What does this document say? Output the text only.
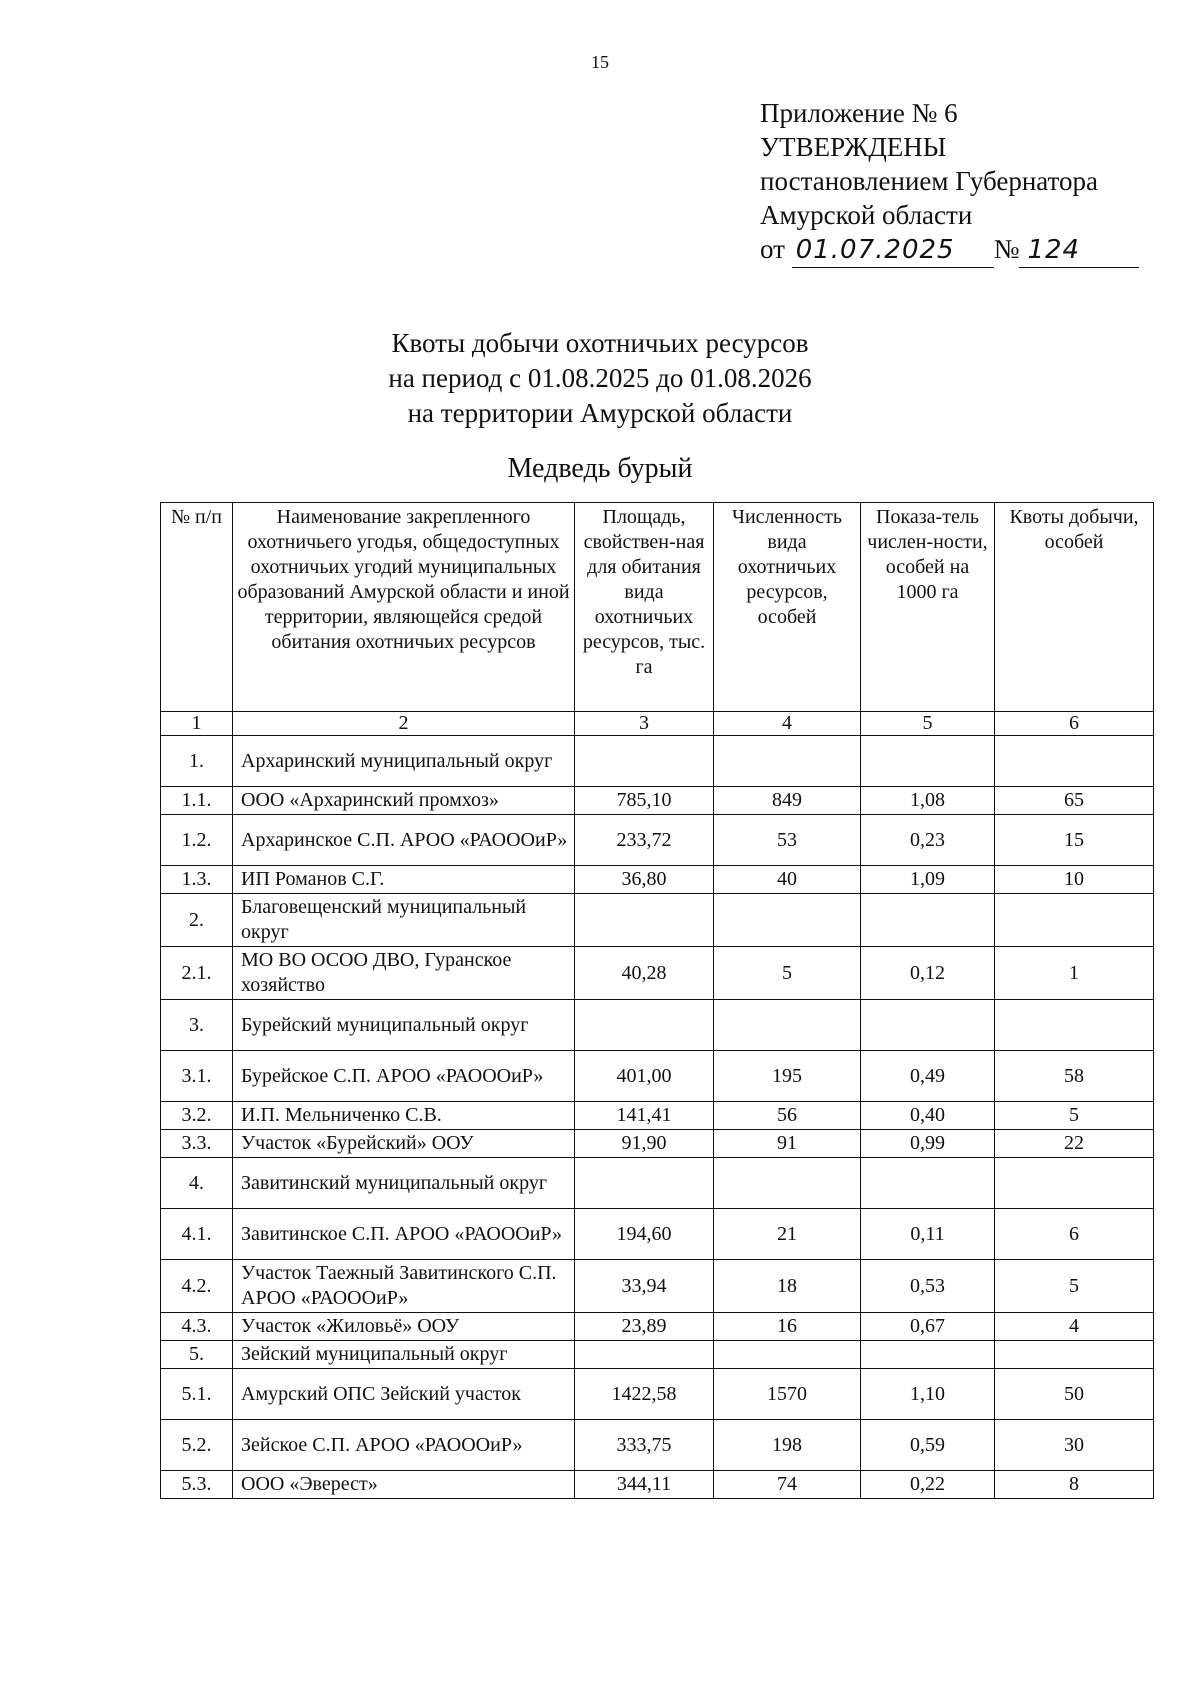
15
Приложение № 6
УТВЕРЖДЕНЫ
постановлением Губернатора
Амурской области
от 01.07.2025 № 124
Квоты добычи охотничьих ресурсов
на период с 01.08.2025 до 01.08.2026
на территории Амурской области
Медведь бурый
№ п/п	Наименование закрепленного охотничьего угодья, общедоступных охотничьих угодий муниципальных образований Амурской области и иной территории, являющейся средой обитания охотничьих ресурсов	Площадь, свойствен-ная для обитания вида охотничьих ресурсов, тыс. га	Численность вида охотничьих ресурсов, особей	Показа-тель числен-ности, особей на 1000 га	Квоты добычи, особей
1	2	3	4	5	6
1.	Архаринский муниципальный округ				
1.1.	ООО «Архаринский промхоз»	785,10	849	1,08	65
1.2.	Архаринское С.П. АРОО «РАОООиР»	233,72	53	0,23	15
1.3.	ИП Романов С.Г.	36,80	40	1,09	10
2.	Благовещенский муниципальный округ				
2.1.	МО ВО ОСОО ДВО, Гуранское хозяйство	40,28	5	0,12	1
3.	Бурейский муниципальный округ				
3.1.	Бурейское С.П. АРОО «РАОООиР»	401,00	195	0,49	58
3.2.	И.П. Мельниченко С.В.	141,41	56	0,40	5
3.3.	Участок «Бурейский» ООУ	91,90	91	0,99	22
4.	Завитинский муниципальный округ				
4.1.	Завитинское С.П. АРОО «РАОООиР»	194,60	21	0,11	6
4.2.	Участок Таежный Завитинского С.П. АРОО «РАОООиР»	33,94	18	0,53	5
4.3.	Участок «Жиловьё» ООУ	23,89	16	0,67	4
5.	Зейский муниципальный округ				
5.1.	Амурский ОПС Зейский участок	1422,58	1570	1,10	50
5.2.	Зейское С.П. АРОО «РАОООиР»	333,75	198	0,59	30
5.3.	ООО «Эверест»	344,11	74	0,22	8
